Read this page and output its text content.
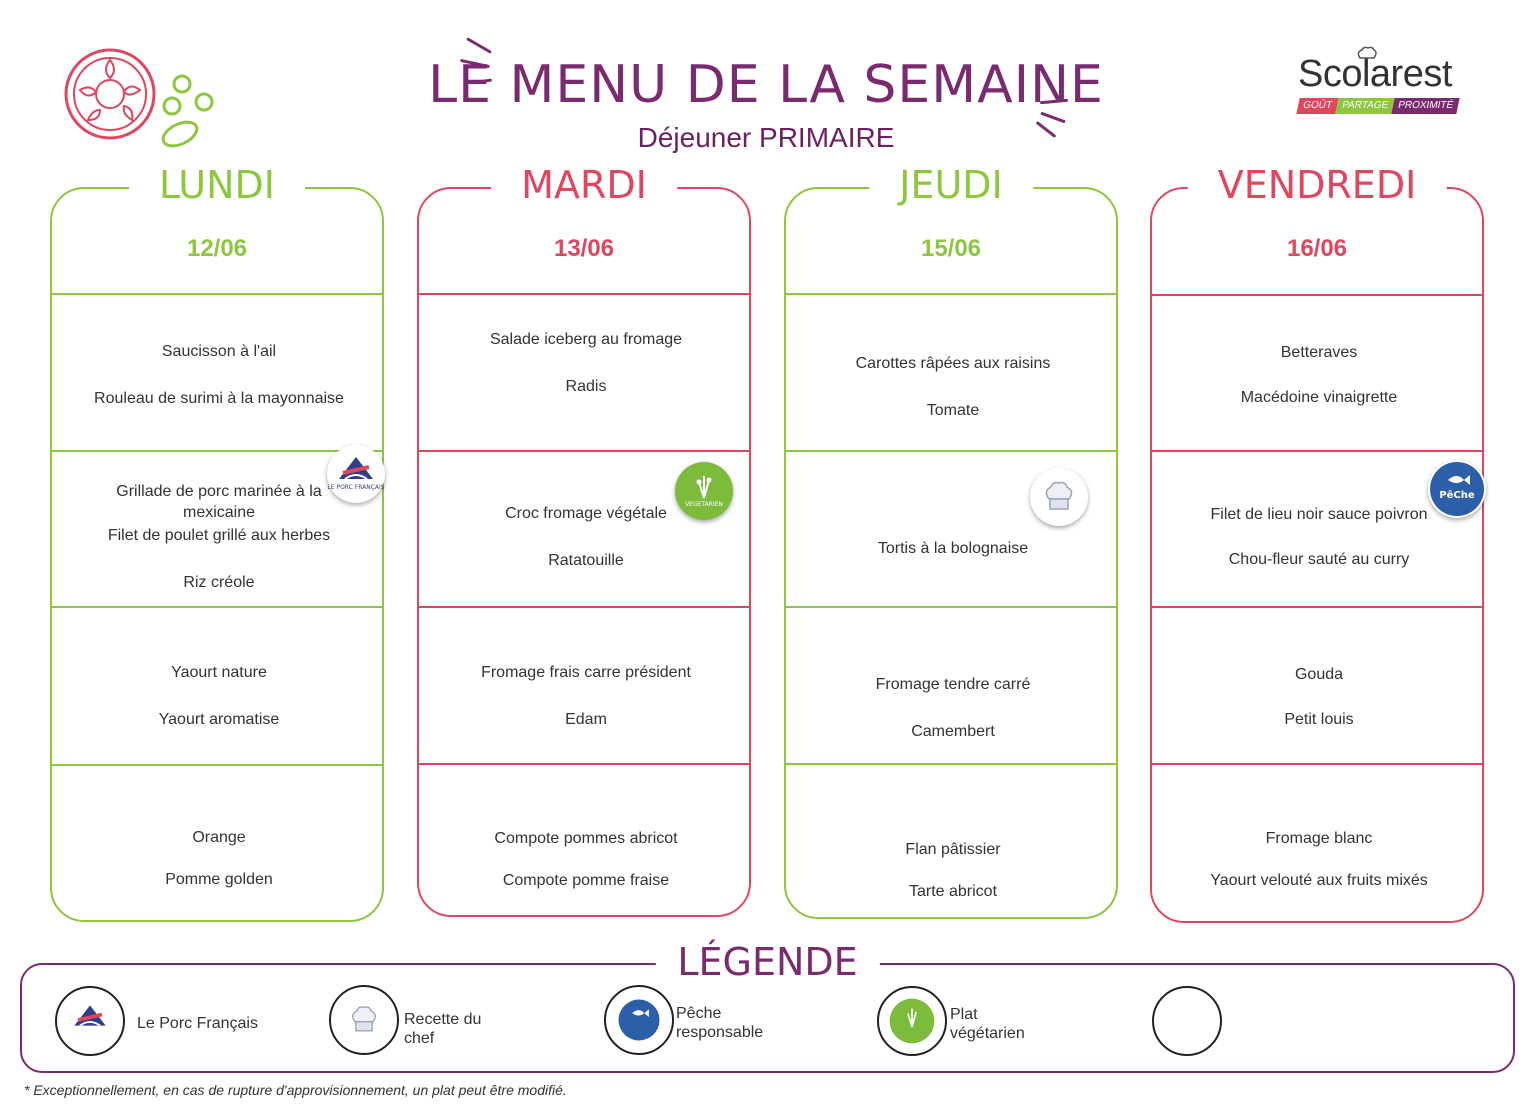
LE MENU DE LA SEMAINE
Déjeuner PRIMAIRE
Scolarest
GOÛT PARTAGE PROXIMITÉ
LUNDI
12/06
Saucisson à l'ail
Rouleau de surimi à la mayonnaise
Grillade de porc marinée à la mexicaine
Filet de poulet grillé aux herbes
Riz créole
Yaourt nature
Yaourt aromatise
Orange
Pomme golden
MARDI
13/06
Salade iceberg au fromage
Radis
Croc fromage végétale
Ratatouille
Fromage frais carre président
Edam
Compote pommes abricot
Compote pomme fraise
JEUDI
15/06
Carottes râpées aux raisins
Tomate
Tortis à la bolognaise
Fromage tendre carré
Camembert
Flan pâtissier
Tarte abricot
VENDREDI
16/06
Betteraves
Macédoine vinaigrette
Filet de lieu noir sauce poivron
Chou-fleur sauté au curry
Gouda
Petit louis
Fromage blanc
Yaourt velouté aux fruits mixés
LE PORC FRANÇAIS
VEGETARIEN
PêChe
LÉGENDE
Le Porc Français	Recette du chef
Pêche responsable
Plat végétarien
* Exceptionnellement, en cas de rupture d'approvisionnement, un plat peut être modifié.
